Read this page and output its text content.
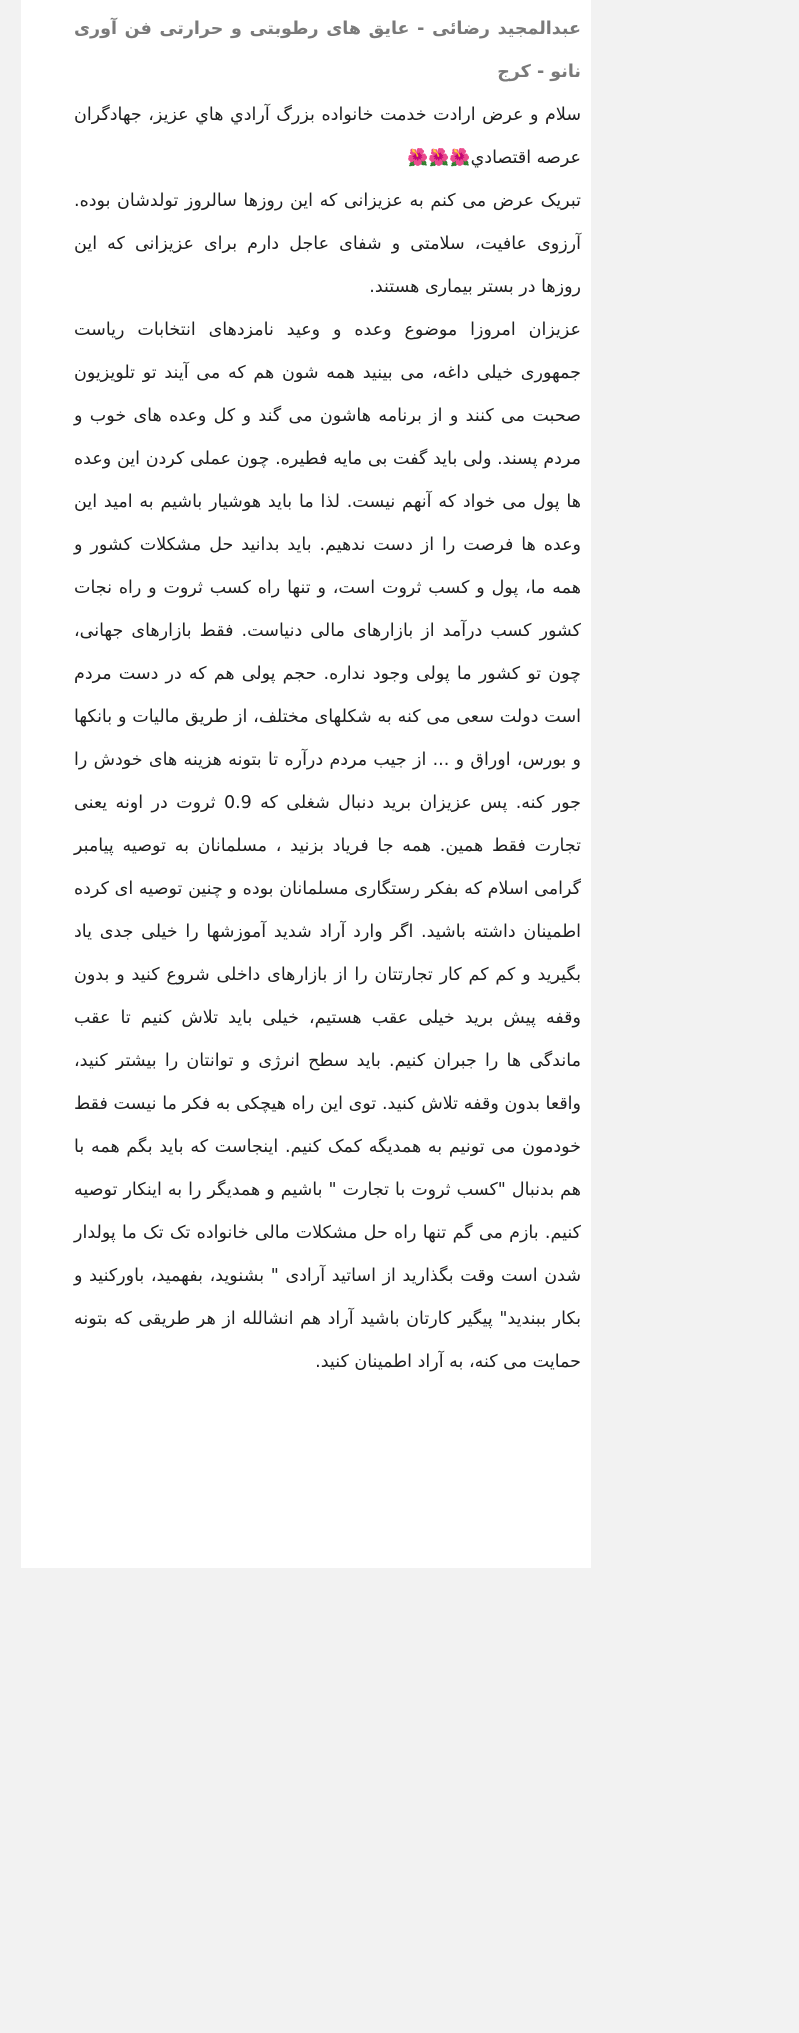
عبدالمجید رضائی - عایق های رطوبتی و حرارتی فن آوری نانو - کرج

سلام و عرض ارادت خدمت خانواده بزرگ آرادي هاي عزيز، جهادگران عرصه اقتصادي🌺🌺🌺

تبریک عرض می کنم به عزیزانی که این روزها سالروز تولدشان بوده. آرزوی عافیت، سلامتی و شفای عاجل دارم برای عزیزانی که این روزها در بستر بیماری هستند.

عزیزان امروزا موضوع وعده و وعید نامزدهای انتخابات ریاست جمهوری خیلی داغه، می بینید همه شون هم که می آیند تو تلویزیون صحبت می کنند و از برنامه هاشون می گند و کل وعده های خوب و مردم پسند. ولی باید گفت بی مایه فطیره. چون عملی کردن این وعده ها پول می خواد که آنهم نیست. لذا ما باید هوشیار باشیم به امید این وعده ها فرصت را از دست ندهیم. باید بدانید حل مشکلات کشور و همه ما، پول و کسب ثروت است، و تنها راه کسب ثروت و راه نجات کشور کسب درآمد از بازارهای مالی دنیاست. فقط بازارهای جهانی، چون تو کشور ما پولی وجود نداره. حجم پولی هم که در دست مردم است دولت سعی می کنه به شکلهای مختلف، از طریق مالیات و بانکها و بورس، اوراق و ... از جیب مردم درآره تا بتونه هزینه های خودش را جور کنه. پس عزیزان برید دنبال شغلی که 0.9 ثروت در اونه یعنی تجارت فقط همین. همه جا فریاد بزنید ، مسلمانان به توصیه پیامبر گرامی اسلام که بفکر رستگاری مسلمانان بوده و چنین توصیه ای کرده اطمینان داشته باشید. اگر وارد آراد شدید آموزشها را خیلی جدی یاد بگیرید و کم کم کار تجارتتان را از بازارهای داخلی شروع کنید و بدون وقفه پیش برید خیلی عقب هستیم، خیلی باید تلاش کنیم تا عقب ماندگی ها را جبران کنیم. باید سطح انرژی و توانتان را بیشتر کنید، واقعا بدون وقفه تلاش کنید. توی این راه هیچکی به فکر ما نیست فقط خودمون می تونیم به همدیگه کمک کنیم. اینجاست که باید بگم همه با هم بدنبال "کسب ثروت با تجارت " باشیم و همدیگر را به اینکار توصیه کنیم. بازم می گم تنها راه حل مشکلات مالی خانواده تک تک ما پولدار شدن است وقت بگذارید از اساتید آرادی " بشنوید، بفهمید، باورکنید و بکار ببندید" پیگیر کارتان باشید آراد هم انشالله از هر طریقی که بتونه حمایت می کنه، به آراد اطمینان کنید.
